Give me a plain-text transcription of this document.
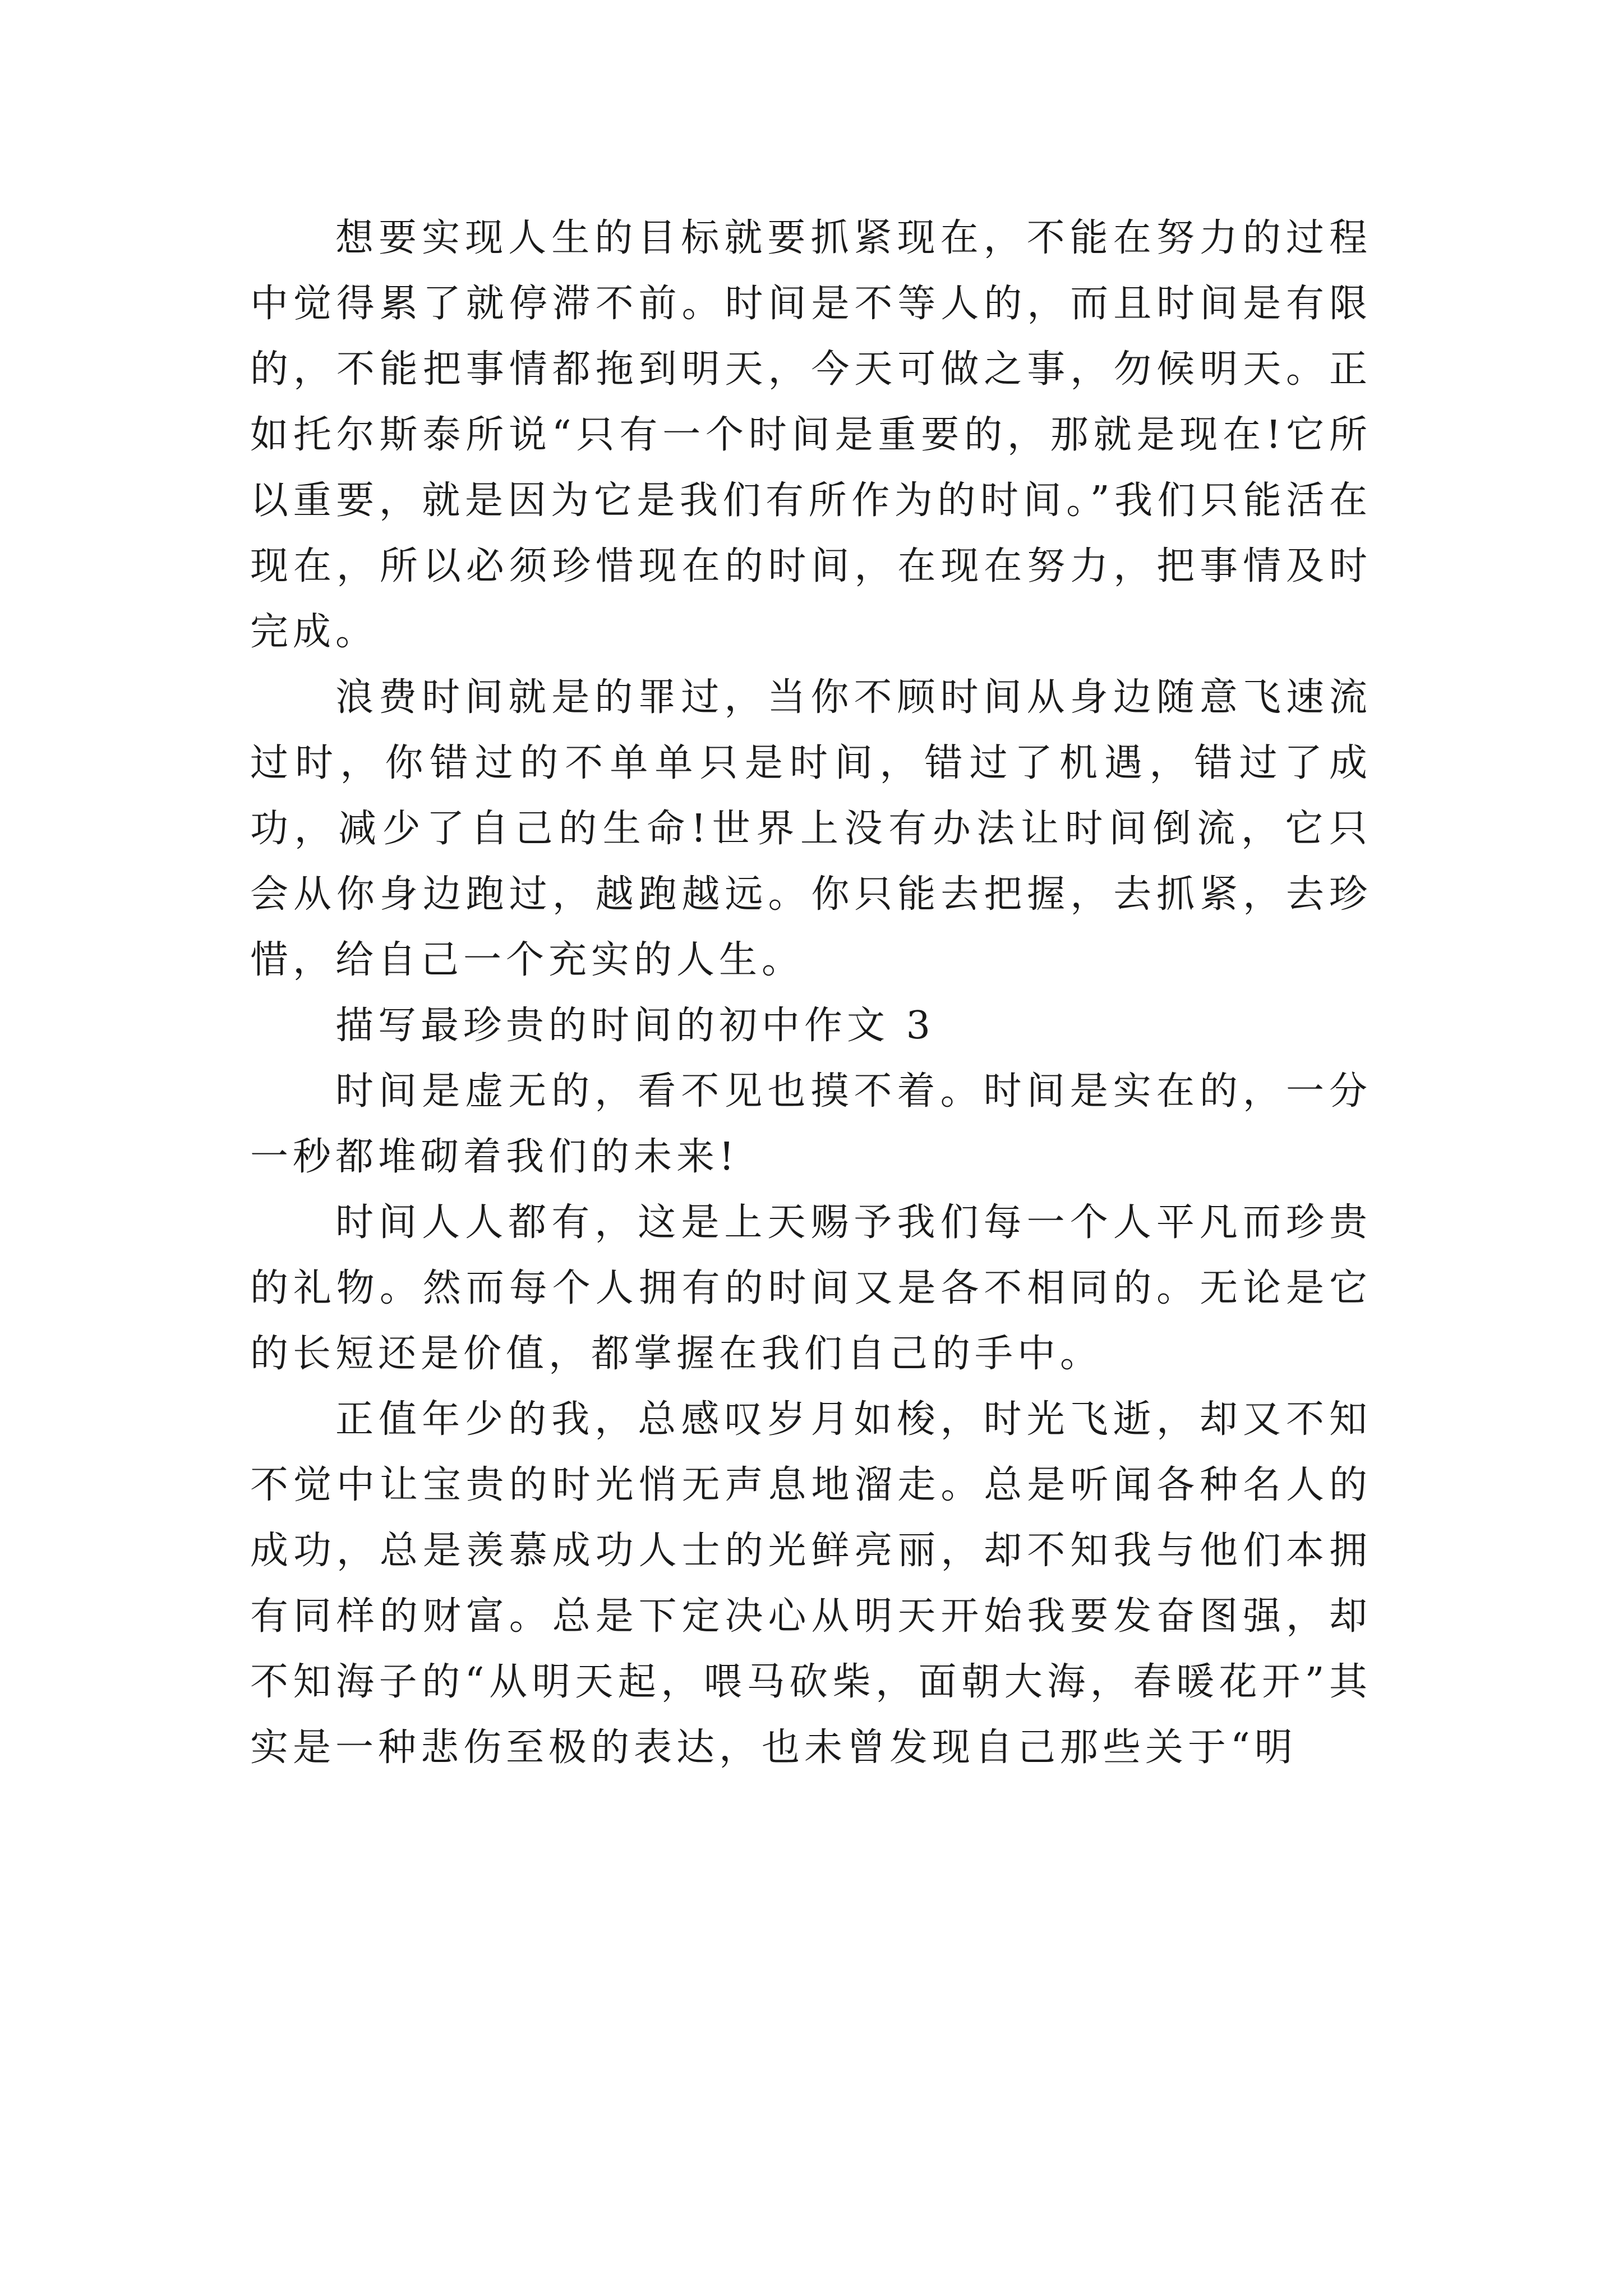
想要实现人生的目标就要抓紧现在，不能在努力的过程中觉得累了就停滞不前。时间是不等人的，而且时间是有限的，不能把事情都拖到明天，今天可做之事，勿候明天。正如托尔斯泰所说“只有一个时间是重要的，那就是现在!它所以重要，就是因为它是我们有所作为的时间。”我们只能活在现在，所以必须珍惜现在的时间，在现在努力，把事情及时完成。

浪费时间就是的罪过，当你不顾时间从身边随意飞速流过时，你错过的不单单只是时间，错过了机遇，错过了成功，减少了自己的生命!世界上没有办法让时间倒流，它只会从你身边跑过，越跑越远。你只能去把握，去抓紧，去珍惜，给自己一个充实的人生。

描写最珍贵的时间的初中作文 3

时间是虚无的，看不见也摸不着。时间是实在的，一分一秒都堆砌着我们的未来!

时间人人都有，这是上天赐予我们每一个人平凡而珍贵的礼物。然而每个人拥有的时间又是各不相同的。无论是它的长短还是价值，都掌握在我们自己的手中。

正值年少的我，总感叹岁月如梭，时光飞逝，却又不知不觉中让宝贵的时光悄无声息地溜走。总是听闻各种名人的成功，总是羡慕成功人士的光鲜亮丽，却不知我与他们本拥有同样的财富。总是下定决心从明天开始我要发奋图强，却不知海子的“从明天起，喂马砍柴，面朝大海，春暖花开”其实是一种悲伤至极的表达，也未曾发现自己那些关于“明
